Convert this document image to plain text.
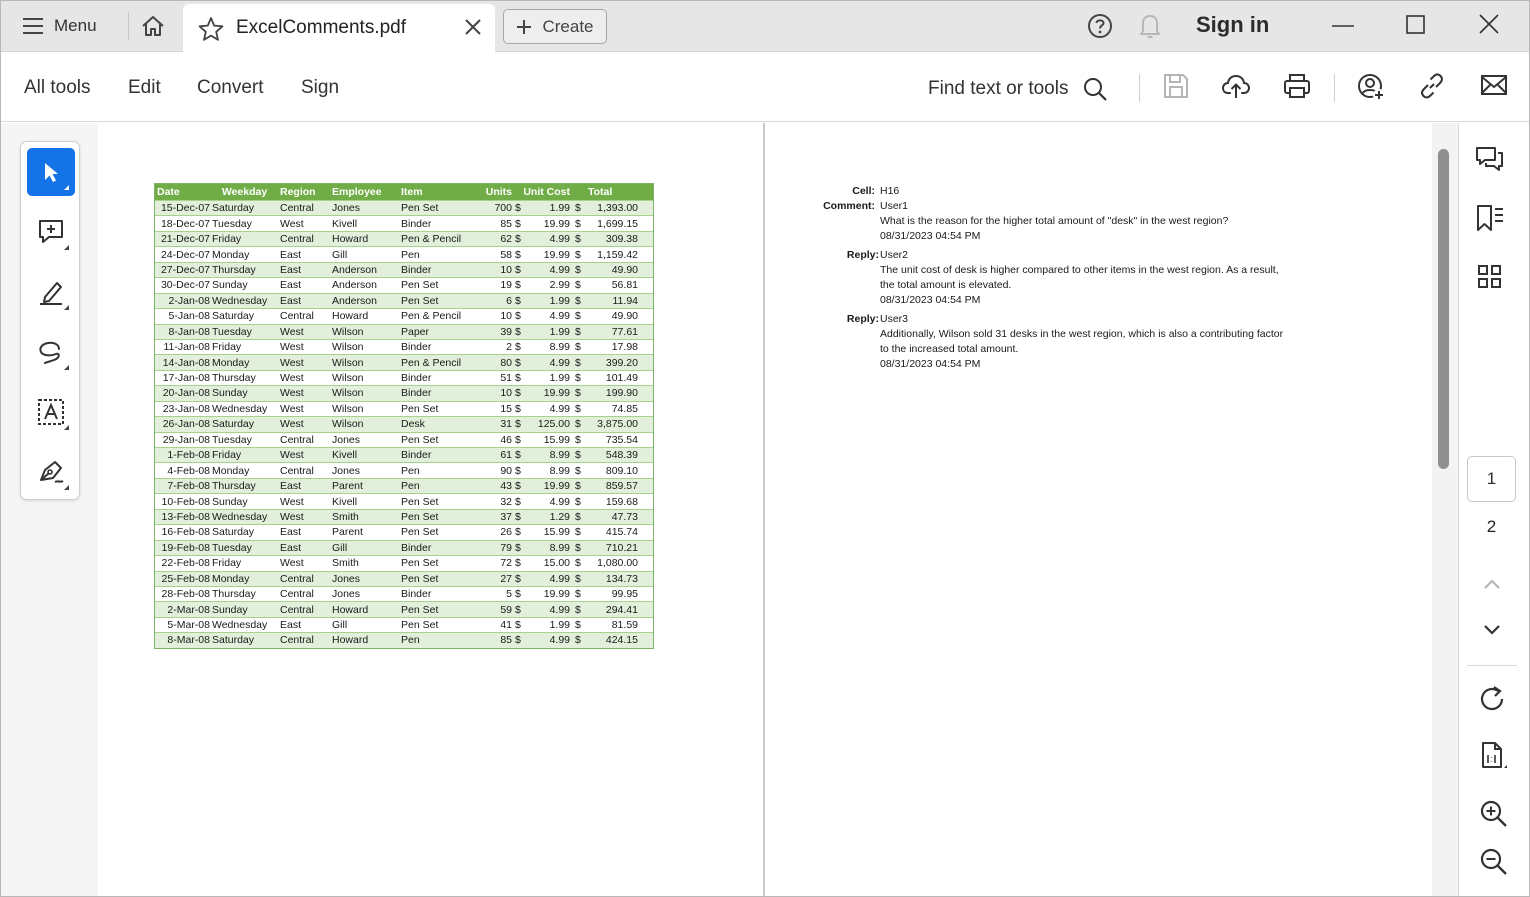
Menu	ExcelComments.pdf	Create	Sign in
All tools Edit Convert Sign	Find text or tools
Date	Weekday	Region	Employee	Item	Units Unit Cost	Total
15-Dec-07 Saturday	Central	Jones	Pen Set	700 $	1.99 $	1,393.00
18-Dec-07 Tuesday	West	Kivell	Binder	85 $	19.99 $	1,699.15
21-Dec-07 Friday	Central	Howard	Pen & Pencil	62 $	4.99 $	309.38
24-Dec-07 Monday	East	Gill	Pen	58 $	19.99 $	1,159.42
27-Dec-07 Thursday	East	Anderson	Binder	10 $	4.99 $	49.90
30-Dec-07 Sunday	East	Anderson	Pen Set	19 $	2.99 $	56.81
2-Jan-08 Wednesday	East	Anderson	Pen Set	6 $	1.99 $	11.94
5-Jan-08 Saturday	Central	Howard	Pen & Pencil	10 $	4.99 $	49.90
8-Jan-08 Tuesday	West	Wilson	Paper	39 $	1.99 $	77.61
11-Jan-08 Friday	West	Wilson	Binder	2 $	8.99 $	17.98
14-Jan-08 Monday	West	Wilson	Pen & Pencil	80 $	4.99 $	399.20
17-Jan-08 Thursday	West	Wilson	Binder	51 $	1.99 $	101.49
20-Jan-08 Sunday	West	Wilson	Binder	10 $	19.99 $	199.90
23-Jan-08 Wednesday	West	Wilson	Pen Set	15 $	4.99 $	74.85
26-Jan-08 Saturday	West	Wilson	Desk	31 $	125.00 $	3,875.00
29-Jan-08 Tuesday	Central	Jones	Pen Set	46 $	15.99 $	735.54
1-Feb-08 Friday	West	Kivell	Binder	61 $	8.99 $	548.39
4-Feb-08 Monday	Central	Jones	Pen	90 $	8.99 $	809.10
7-Feb-08 Thursday	East	Parent	Pen	43 $	19.99 $	859.57
10-Feb-08 Sunday	West	Kivell	Pen Set	32 $	4.99 $	159.68
13-Feb-08 Wednesday	West	Smith	Pen Set	37 $	1.29 $	47.73
16-Feb-08 Saturday	East	Parent	Pen Set	26 $	15.99 $	415.74
19-Feb-08 Tuesday	East	Gill	Binder	79 $	8.99 $	710.21
22-Feb-08 Friday	West	Smith	Pen Set	72 $	15.00 $	1,080.00
25-Feb-08 Monday	Central	Jones	Pen Set	27 $	4.99 $	134.73
28-Feb-08 Thursday	Central	Jones	Binder	5 $	19.99 $	99.95
2-Mar-08 Sunday	Central	Howard	Pen Set	59 $	4.99 $	294.41
5-Mar-08 Wednesday	East	Gill	Pen Set	41 $	1.99 $	81.59
8-Mar-08 Saturday	Central	Howard	Pen	85 $	4.99 $	424.15
Cell: H16
Comment: User1
What is the reason for the higher total amount of "desk" in the west region?
08/31/2023 04:54 PM
Reply: User2
The unit cost of desk is higher compared to other items in the west region. As a result,
the total amount is elevated.
08/31/2023 04:54 PM
Reply: User3
Additionally, Wilson sold 31 desks in the west region, which is also a contributing factor
to the increased total amount.
08/31/2023 04:54 PM
1
2
